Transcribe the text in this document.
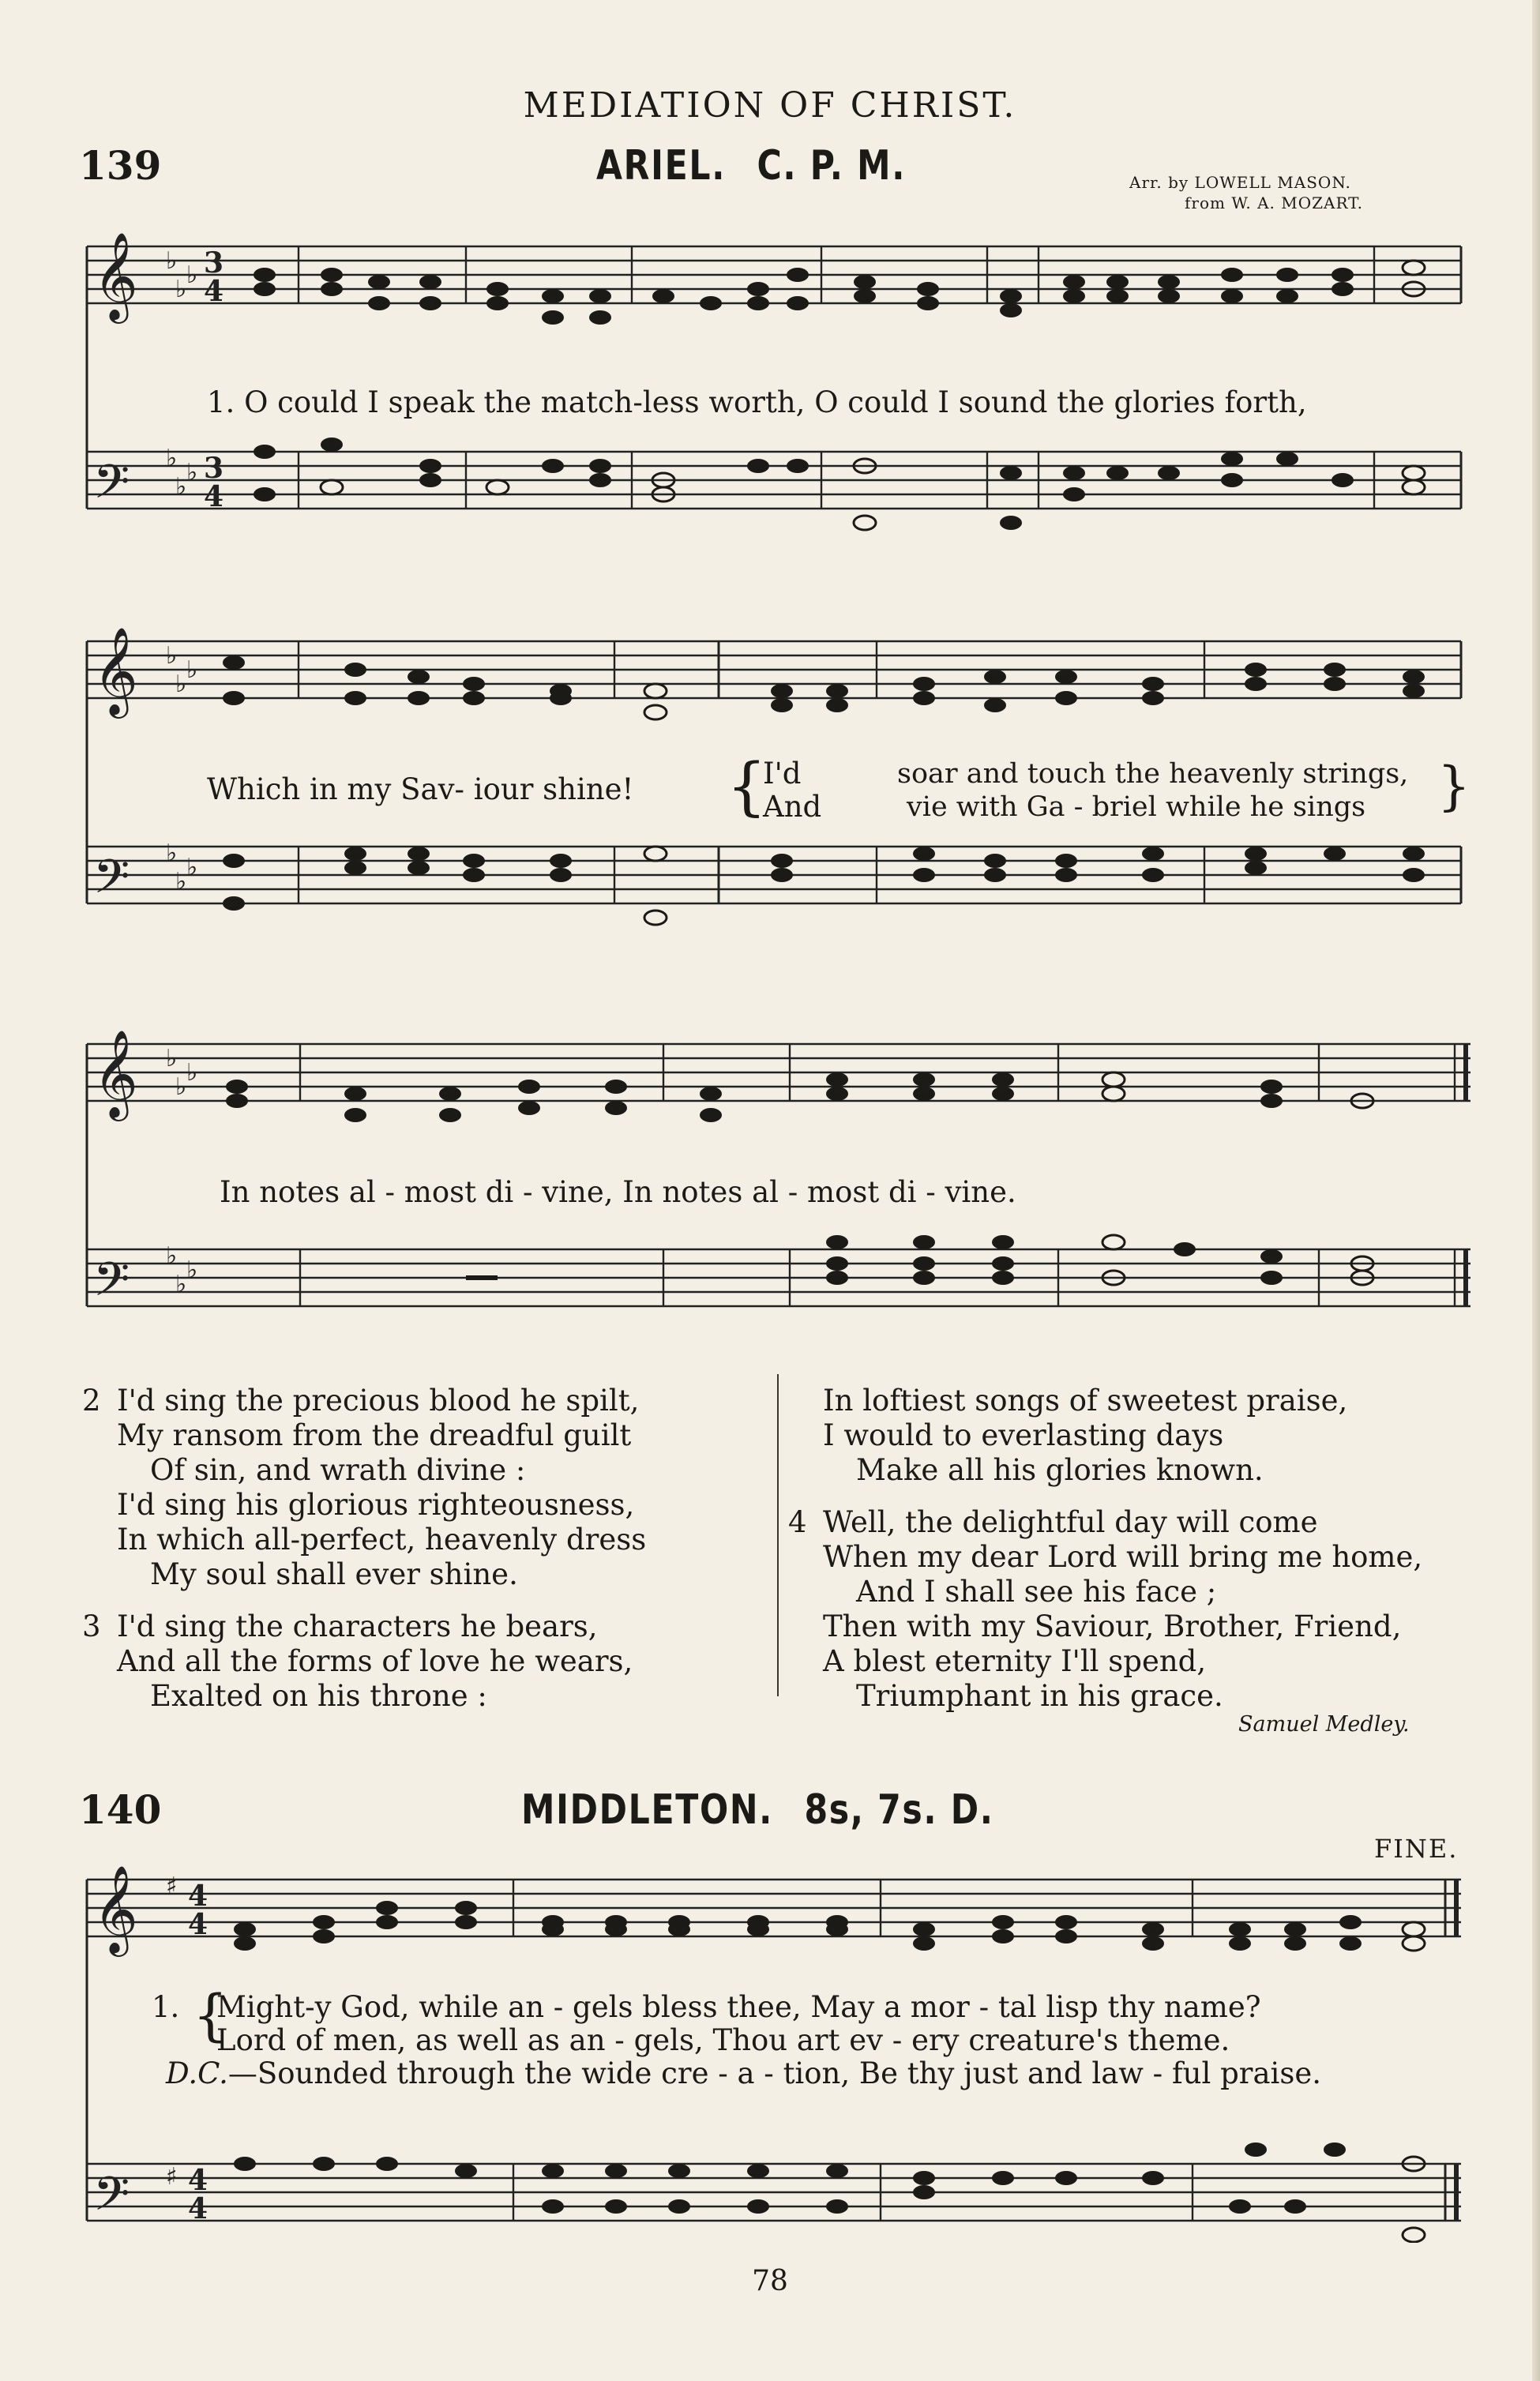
MEDIATION OF CHRIST.
139	ARIEL. C. P. M.	Arr. by LOWELL MASON.
from W. A. MOZART.
𝄞
𝄢
♭
♭
♭
♭
♭
♭
3
4
3
4
1. O could I speak the match-less worth, O could I sound the glories forth,
𝄞
𝄢
♭
♭
♭
♭
♭
♭
Which in my Sav- iour shine! {
I'd
And
soar and touch the heavenly strings,
vie with Ga - briel while he sings }
𝄞
𝄢
♭
♭
♭
♭
♭
♭
In notes al - most di - vine, In notes al - most di - vine.
2 I'd sing the precious blood he spilt,
My ransom from the dreadful guilt
Of sin, and wrath divine :
I'd sing his glorious righteousness,
In which all-perfect, heavenly dress
My soul shall ever shine.
3 I'd sing the characters he bears,
And all the forms of love he wears,
Exalted on his throne :
In loftiest songs of sweetest praise,
I would to everlasting days
Make all his glories known.
4 Well, the delightful day will come
When my dear Lord will bring me home,
And I shall see his face ;
Then with my Saviour, Brother, Friend,
A blest eternity I'll spend,
Triumphant in his grace.
Samuel Medley.
140	MIDDLETON. 8s, 7s. D.
FINE.
𝄞
𝄢
♯
♯
4
4
4
4
1. {
Might-y God, while an - gels bless thee, May a mor - tal lisp thy name?
Lord of men, as well as an - gels, Thou art ev - ery creature's theme.
D.C.—Sounded through the wide cre - a - tion, Be thy just and law - ful praise.
78
